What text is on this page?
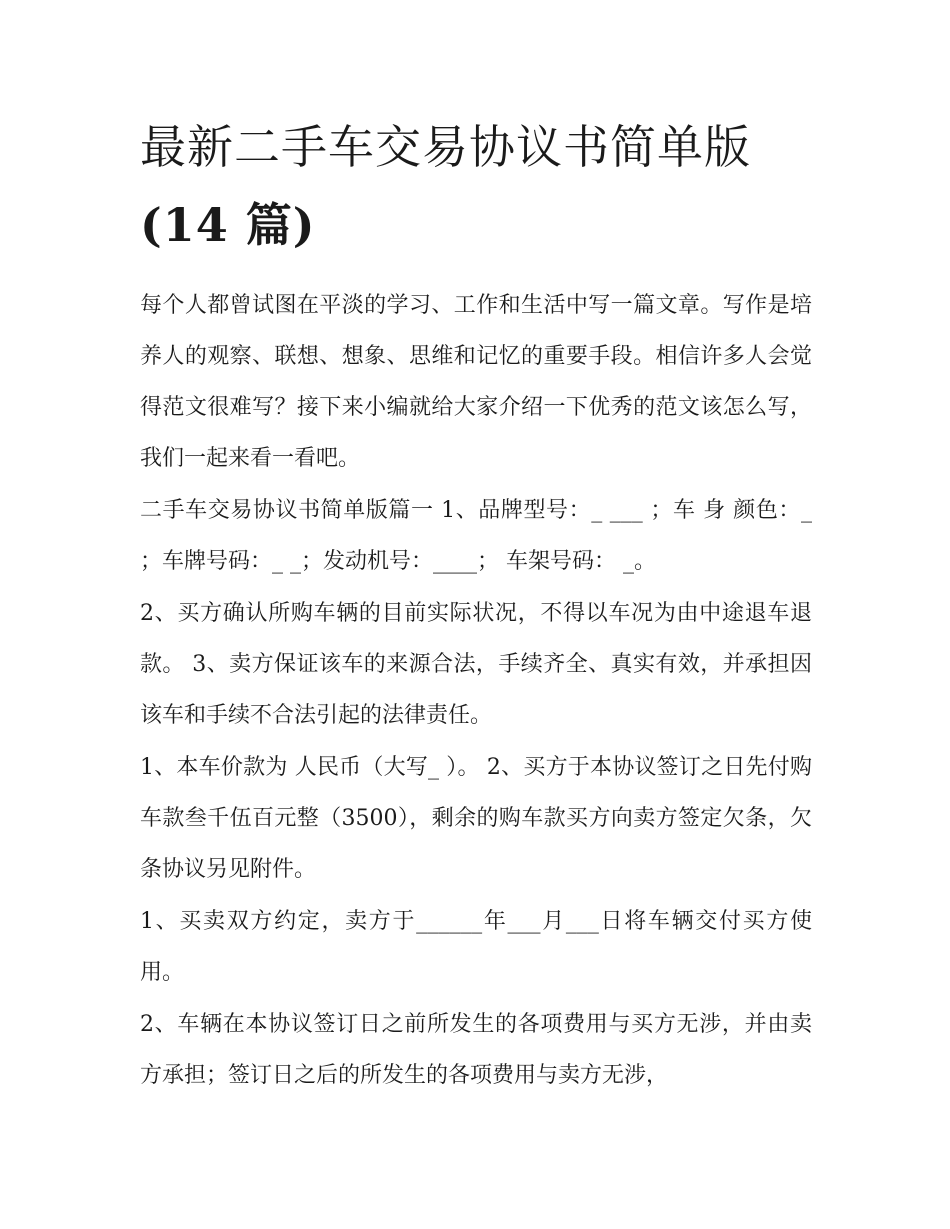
最新二手车交易协议书简单版
(14 篇)

每个人都曾试图在平淡的学习、工作和生活中写一篇文章。写作是培养人的观察、联想、想象、思维和记忆的重要手段。相信许多人会觉得范文很难写？接下来小编就给大家介绍一下优秀的范文该怎么写，我们一起来看一看吧。

二手车交易协议书简单版篇一 1、品牌型号：_ ___ ；车 身 颜色：_ ；车牌号码：_ _；发动机号：____； 车架号码： _。

2、买方确认所购车辆的目前实际状况，不得以车况为由中途退车退款。 3、卖方保证该车的来源合法，手续齐全、真实有效，并承担因该车和手续不合法引起的法律责任。

1、本车价款为 人民币（大写_ ）。 2、买方于本协议签订之日先付购车款叁千伍百元整（3500），剩余的购车款买方向卖方签定欠条，欠条协议另见附件。

1、买卖双方约定，卖方于______年___月___日将车辆交付买方使用。

2、车辆在本协议签订日之前所发生的各项费用与买方无涉，并由卖方承担；签订日之后的所发生的各项费用与卖方无涉，
